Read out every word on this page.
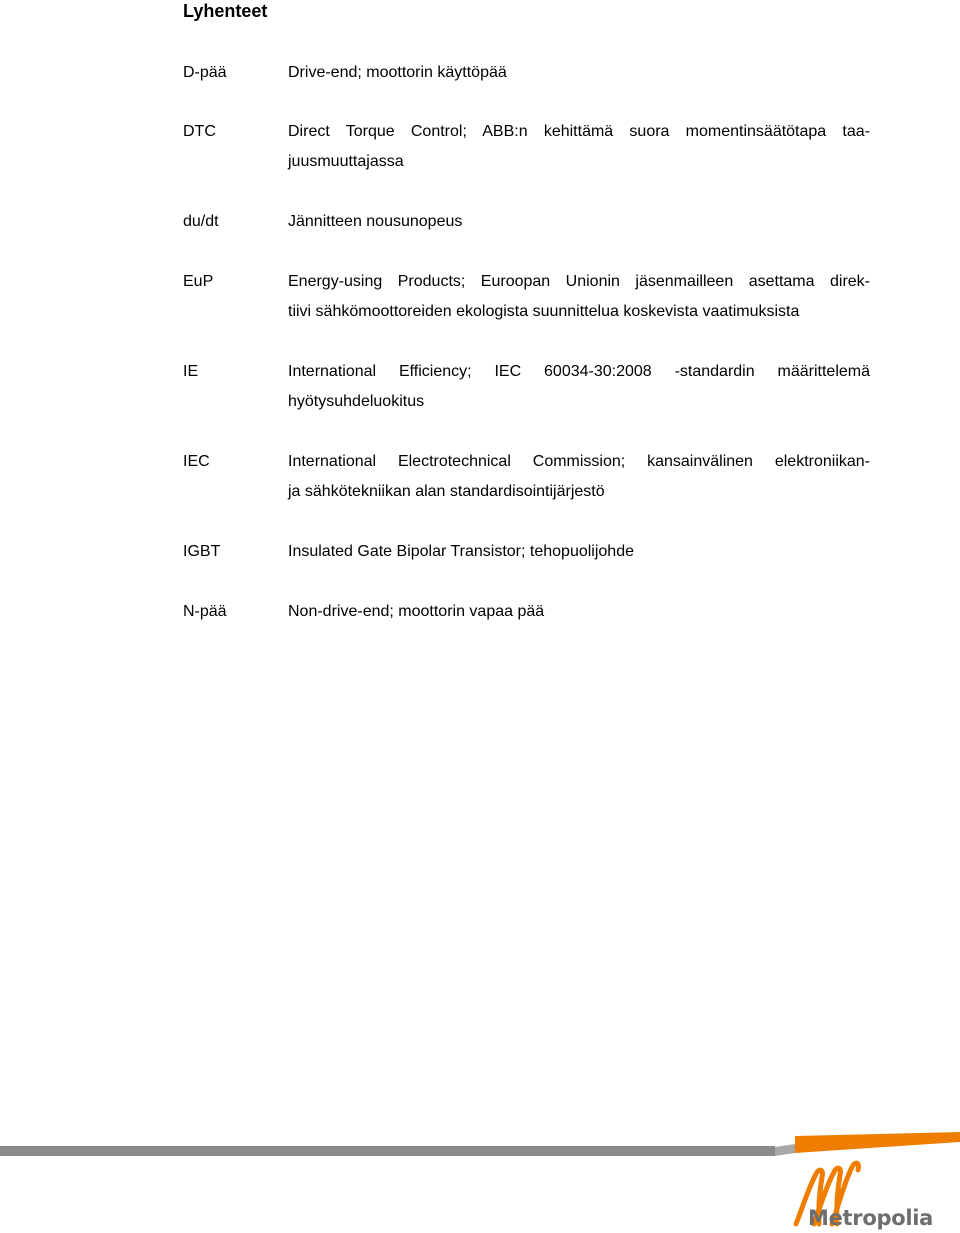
Lyhenteet
D-pää	Drive-end; moottorin käyttöpää
DTC	Direct Torque Control; ABB:n kehittämä suora momentinsäätötapa taa-
juusmuuttajassa
du/dt	Jännitteen nousunopeus
EuP	Energy-using Products; Euroopan Unionin jäsenmailleen asettama direk-
tiivi sähkömoottoreiden ekologista suunnittelua koskevista vaatimuksista
IE	International Efficiency; IEC 60034-30:2008 -standardin määrittelemä
hyötysuhdeluokitus
IEC	International Electrotechnical Commission; kansainvälinen elektroniikan-
ja sähkötekniikan alan standardisointijärjestö
IGBT	Insulated Gate Bipolar Transistor; tehopuolijohde
N-pää	Non-drive-end; moottorin vapaa pää
Metropolia
